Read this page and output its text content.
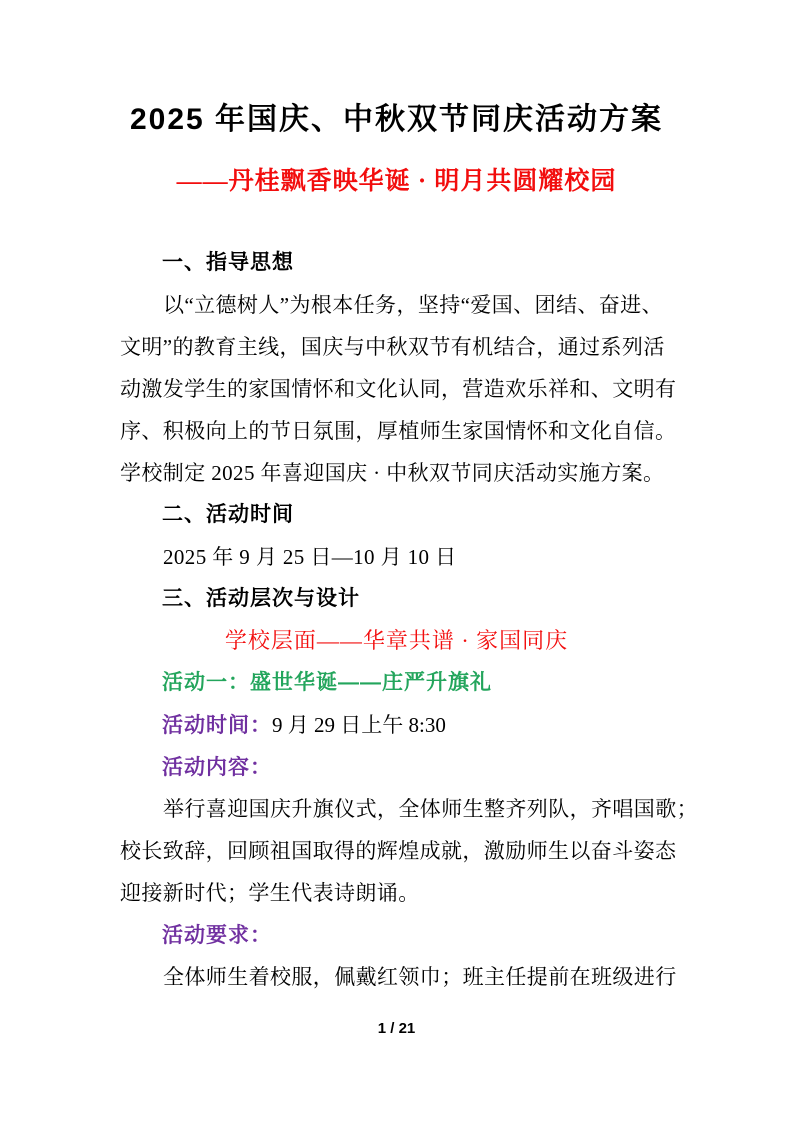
2025 年国庆、中秋双节同庆活动方案
——丹桂飘香映华诞 · 明月共圆耀校园
一、指导思想
以“立德树人”为根本任务，坚持“爱国、团结、奋进、
文明”的教育主线，国庆与中秋双节有机结合，通过系列活
动激发学生的家国情怀和文化认同，营造欢乐祥和、文明有
序、积极向上的节日氛围，厚植师生家国情怀和文化自信。
学校制定 2025 年喜迎国庆 · 中秋双节同庆活动实施方案。
二、活动时间
2025 年 9 月 25 日—10 月 10 日
三、活动层次与设计
学校层面——华章共谱 · 家国同庆
活动一：盛世华诞——庄严升旗礼
活动时间：9 月 29 日上午 8:30
活动内容：
举行喜迎国庆升旗仪式，全体师生整齐列队，齐唱国歌；
校长致辞，回顾祖国取得的辉煌成就，激励师生以奋斗姿态
迎接新时代；学生代表诗朗诵。
活动要求：
全体师生着校服，佩戴红领巾；班主任提前在班级进行
1 / 21
